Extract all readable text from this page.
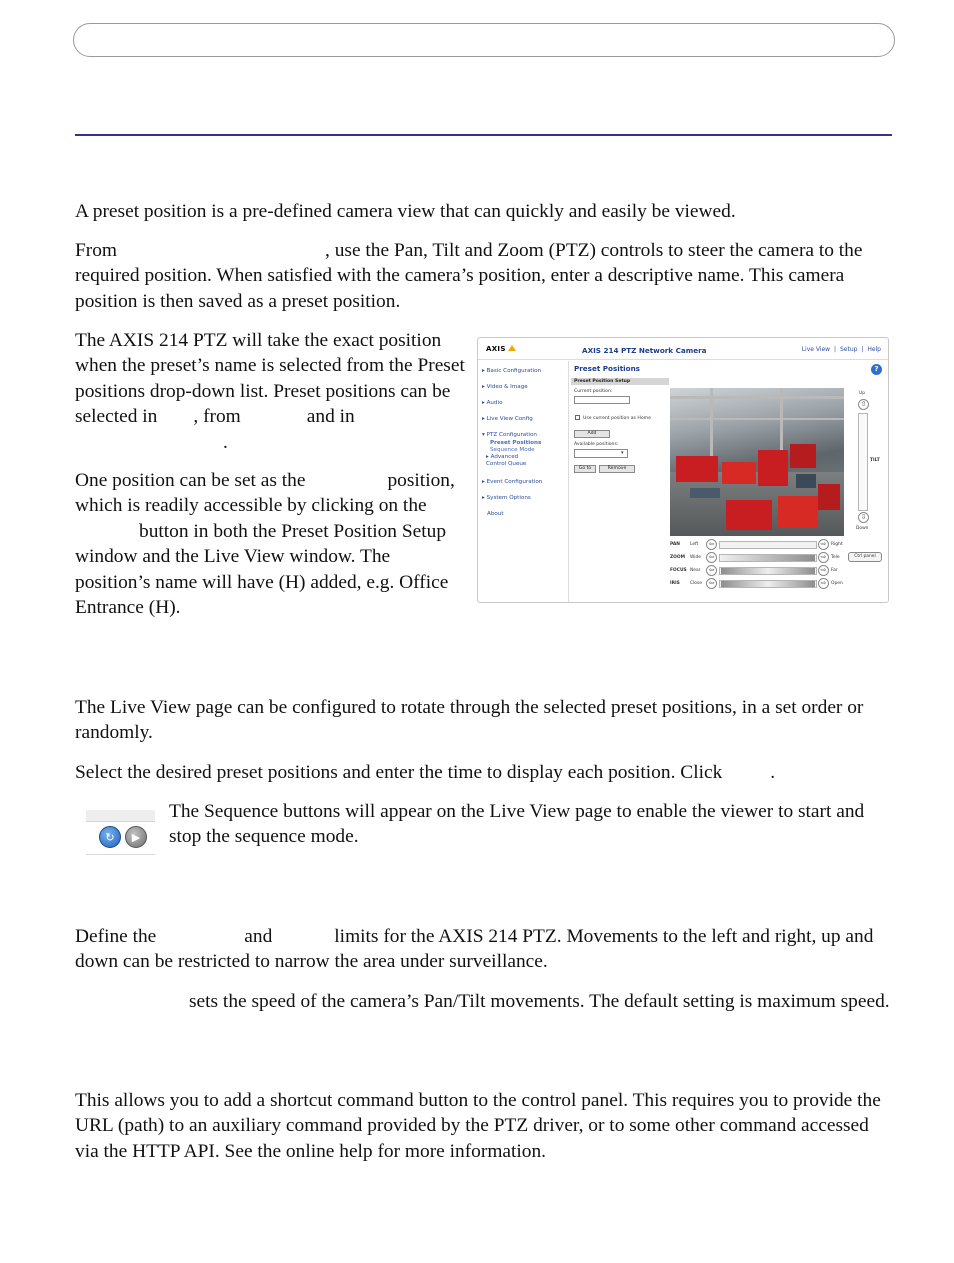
A preset position is a pre-defined camera view that can quickly and easily be viewed.

From	, use the Pan, Tilt and Zoom (PTZ) controls to steer the camera to the required position. When satisfied with the camera’s position, enter a descriptive name. This camera position is then saved as a preset position.

The AXIS 214 PTZ will take the exact position when the preset’s name is selected from the Preset positions drop-down list. Preset positions can be selected in , from	and in.

One position can be set as the	position, which is readily accessible by clicking on thebutton in both the Preset Position Setup window and the Live View window. The position’s name will have (H) added, e.g. Office Entrance (H).

AXIS	AXIS 214 PTZ Network Camera	Live View | Setup | Help
▸ Basic Configuration
▸ Video & Image
▸ Audio
▸ Live View Config
▾ PTZ Configuration
Preset Positions
Sequence Mode
▸ Advanced
Control Queue
▸ Event Configuration
▸ System Options
About
Preset Positions	?
Preset Position Setup
Current position:
Use current position as Home
Add
Available positions:
▾
Go to	Remove
⇧
Up
TILT
⇩
Down
PAN Left	⇦	⇨	Right
ZOOM Wide	⇦	⇨	Tele	Ctrl panel
FOCUS Near	⇦	⇨	Far
IRIS Close ⇦	⇨	Open

The Live View page can be configured to rotate through the selected preset positions, in a set order or randomly.

Select the desired preset positions and enter the time to display each position. Click .

↻	▶

The Sequence buttons will appear on the Live View page to enable the viewer to start and stop the sequence mode.

Define the	and	limits for the AXIS 214 PTZ. Movements to the left and right, up and down can be restricted to narrow the area under surveillance.

sets the speed of the camera’s Pan/Tilt movements. The default setting is maximum speed.

This allows you to add a shortcut command button to the control panel. This requires you to provide the URL (path) to an auxiliary command provided by the PTZ driver, or to some other command accessed via the HTTP API. See the online help for more information.
